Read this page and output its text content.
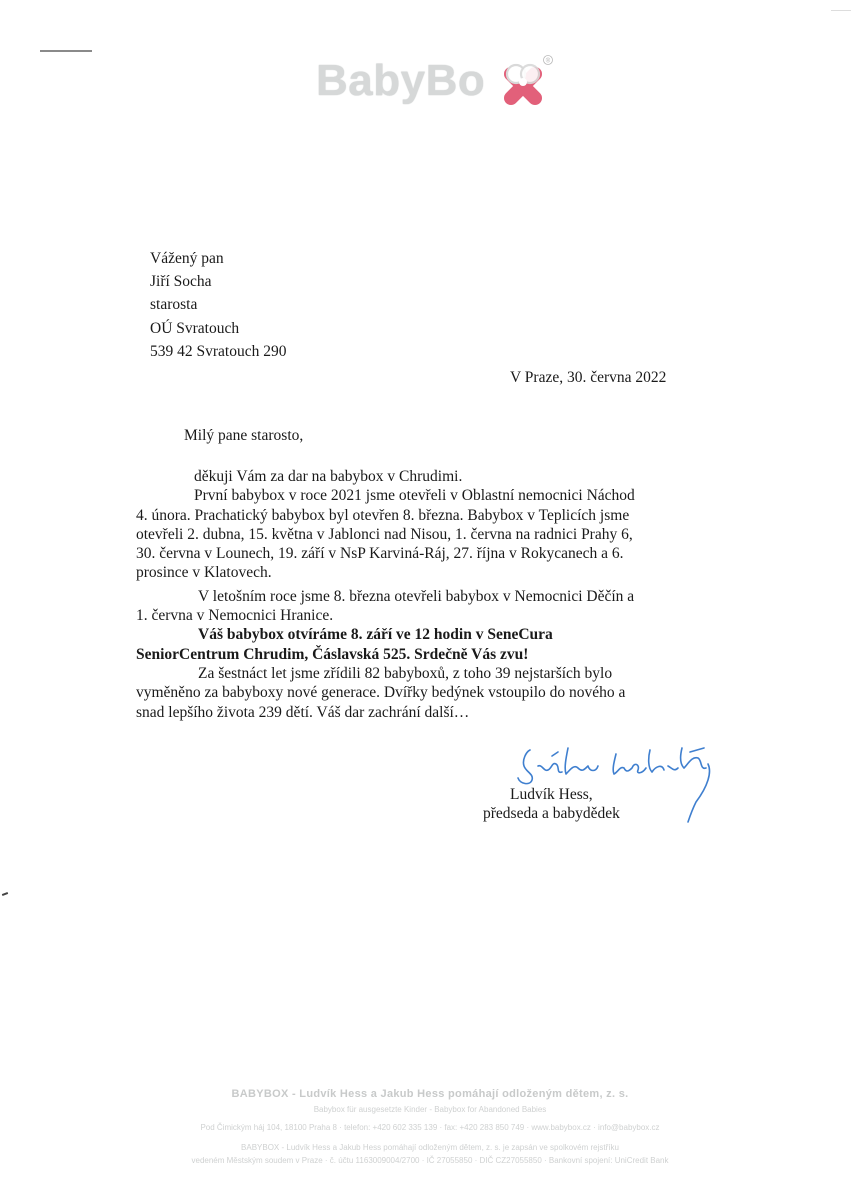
BabyBo	®
Vážený pan
Jiří Socha
starosta
OÚ Svratouch
539 42 Svratouch 290
V Praze, 30. června 2022
Milý pane starosto,

děkuji Vám za dar na babybox v Chrudimi.

První babybox v roce 2021 jsme otevřeli v Oblastní nemocnici Náchod

4. února. Prachatický babybox byl otevřen 8. března. Babybox v Teplicích jsme

otevřeli 2. dubna, 15. května v Jablonci nad Nisou, 1. června na radnici Prahy 6,

30. června v Lounech, 19. září v NsP Karviná-Ráj, 27. října v Rokycanech a 6.

prosince v Klatovech.

V letošním roce jsme 8. března otevřeli babybox v Nemocnici Děčín a

1. června v Nemocnici Hranice.

Váš babybox otvíráme 8. září ve 12 hodin v SeneCura

SeniorCentrum Chrudim, Čáslavská 525. Srdečně Vás zvu!

Za šestnáct let jsme zřídili 82 babyboxů, z toho 39 nejstarších bylo

vyměněno za babyboxy nové generace. Dvířky bedýnek vstoupilo do nového a

snad lepšího života 239 dětí. Váš dar zachrání další…

Ludvík Hess,
předseda a babydědek
BABYBOX - Ludvík Hess a Jakub Hess pomáhají odloženým dětem, z. s.
Babybox für ausgesetzte Kinder - Babybox for Abandoned Babies
Pod Čimickým háj 104, 18100 Praha 8 · telefon: +420 602 335 139 · fax: +420 283 850 749 · www.babybox.cz · info@babybox.cz
BABYBOX - Ludvík Hess a Jakub Hess pomáhají odloženým dětem, z. s. je zapsán ve spolkovém rejstříku
vedeném Městským soudem v Praze · č. účtu 1163009004/2700 · IČ 27055850 · DIČ CZ27055850 · Bankovní spojení: UniCredit Bank
